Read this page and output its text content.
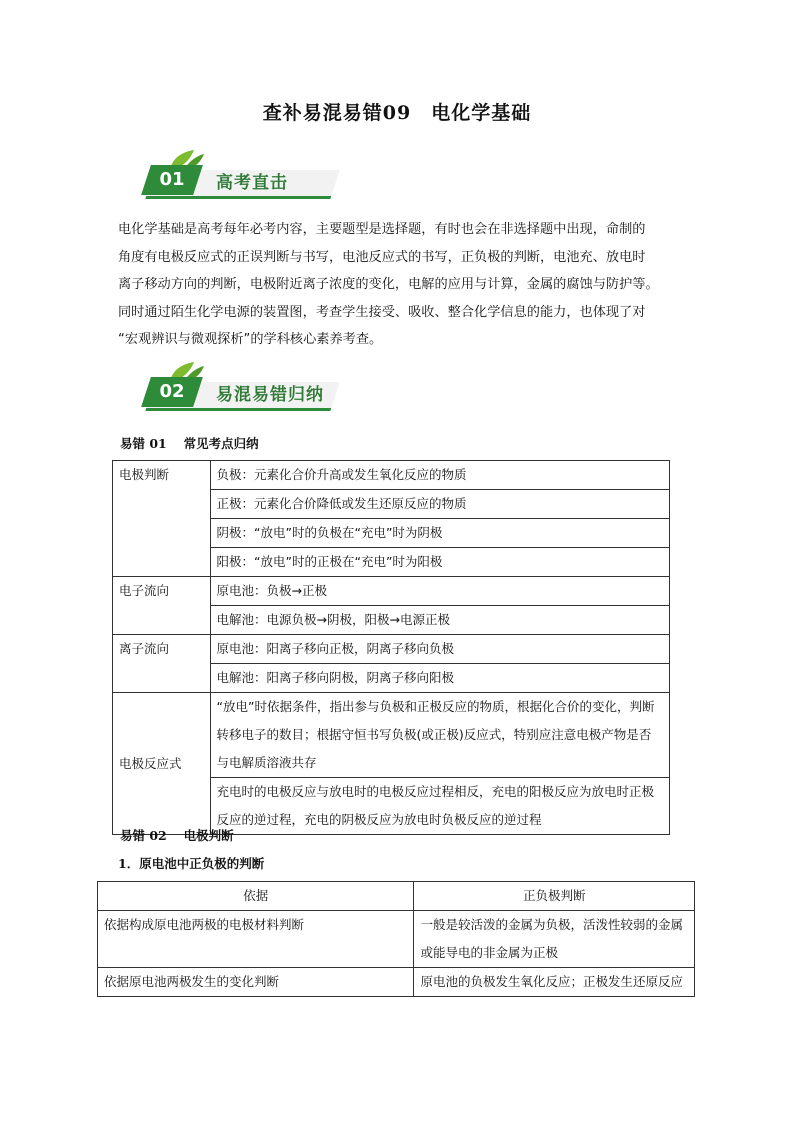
查补易混易错09　电化学基础
01	高考直击

电化学基础是高考每年必考内容，主要题型是选择题，有时也会在非选择题中出现，命制的

角度有电极反应式的正误判断与书写，电池反应式的书写，正负极的判断，电池充、放电时

离子移动方向的判断，电极附近离子浓度的变化，电解的应用与计算，金属的腐蚀与防护等。

同时通过陌生化学电源的装置图，考查学生接受、吸收、整合化学信息的能力，也体现了对

“宏观辨识与微观探析”的学科核心素养考查。

02	易混易错归纳
易错 01　 常见考点归纳
电极判断	负极：元素化合价升高或发生氧化反应的物质
	正极：元素化合价降低或发生还原反应的物质
	阴极：“放电”时的负极在“充电”时为阴极
	阳极：“放电”时的正极在“充电”时为阳极
电子流向	原电池：负极→正极
	电解池：电源负极→阴极，阳极→电源正极
离子流向	原电池：阳离子移向正极，阴离子移向负极
	电解池：阳离子移向阴极，阴离子移向阳极
电极反应式	“放电”时依据条件，指出参与负极和正极反应的物质，根据化合价的变化，判断转移电子的数目；根据守恒书写负极(或正极)反应式，特别应注意电极产物是否与电解质溶液共存
	充电时的电极反应与放电时的电极反应过程相反，充电的阳极反应为放电时正极反应的逆过程，充电的阴极反应为放电时负极反应的逆过程
易错 02　 电极判断
1．原电池中正负极的判断
依据	正负极判断
依据构成原电池两极的电极材料判断	一般是较活泼的金属为负极，活泼性较弱的金属或能导电的非金属为正极
依据原电池两极发生的变化判断	原电池的负极发生氧化反应；正极发生还原反应
